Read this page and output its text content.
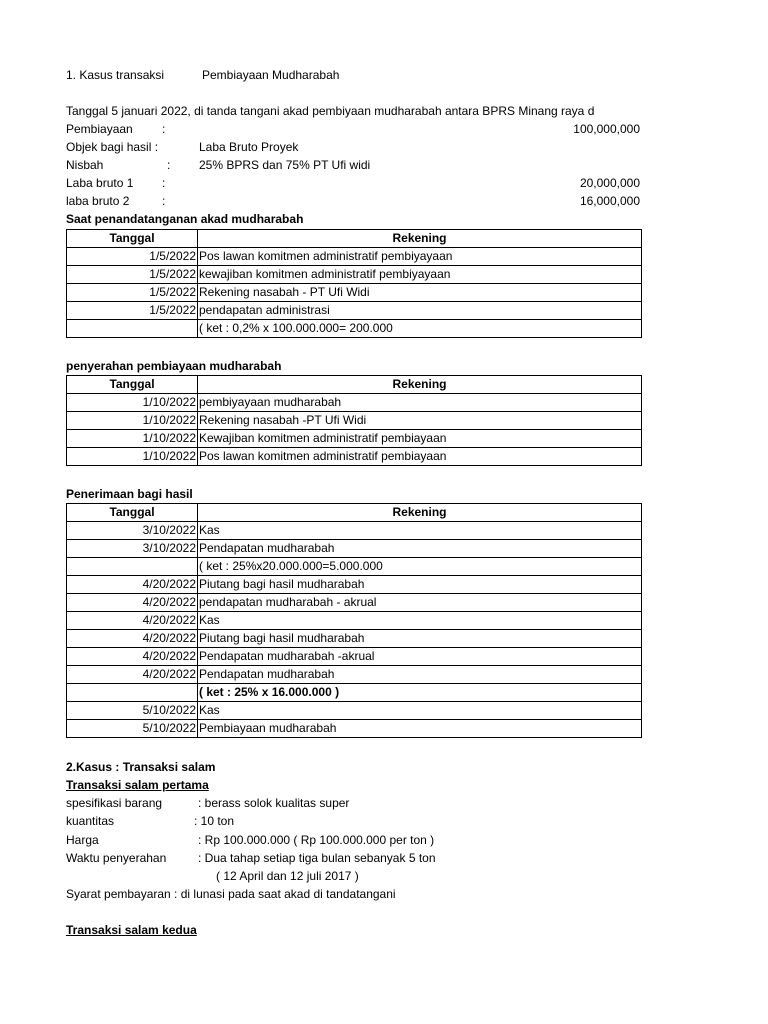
1. Kasus transaksi	Pembiayaan Mudharabah
Tanggal 5 januari 2022, di tanda tangani akad pembiyaan mudharabah antara BPRS Minang raya d
Pembiayaan :	100,000,000
Objek bagi hasil :	Laba Bruto Proyek
Nisbah	: 25% BPRS dan 75% PT Ufi widi
Laba bruto 1 :	20,000,000
laba bruto 2	:	16,000,000
Saat penandatanganan akad mudharabah
Tanggal	Rekening
1/5/2022	Pos lawan komitmen administratif pembiyayaan
1/5/2022	kewajiban komitmen administratif pembiyayaan
1/5/2022	Rekening nasabah - PT Ufi Widi
1/5/2022	pendapatan administrasi
	( ket : 0,2% x 100.000.000= 200.000
penyerahan pembiayaan mudharabah
Tanggal	Rekening
1/10/2022	pembiyayaan mudharabah
1/10/2022	Rekening nasabah -PT Ufi Widi
1/10/2022	Kewajiban komitmen administratif pembiayaan
1/10/2022	Pos lawan komitmen administratif pembiayaan
Penerimaan bagi hasil
Tanggal	Rekening
3/10/2022	Kas
3/10/2022	Pendapatan mudharabah
	( ket : 25%x20.000.000=5.000.000
4/20/2022	Piutang bagi hasil mudharabah
4/20/2022	pendapatan mudharabah - akrual
4/20/2022	Kas
4/20/2022	Piutang bagi hasil mudharabah
4/20/2022	Pendapatan mudharabah -akrual
4/20/2022	Pendapatan mudharabah
	( ket : 25% x 16.000.000 )
5/10/2022	Kas
5/10/2022	Pembiayaan mudharabah
2.Kasus : Transaksi salam
Transaksi salam pertama
spesifikasi barang	: berass solok kualitas super
kuantitas	: 10 ton
Harga	: Rp 100.000.000 ( Rp 100.000.000 per ton )
Waktu penyerahan	: Dua tahap setiap tiga bulan sebanyak 5 ton
( 12 April dan 12 juli 2017 )
Syarat pembayaran : di lunasi pada saat akad di tandatangani
Transaksi salam kedua
